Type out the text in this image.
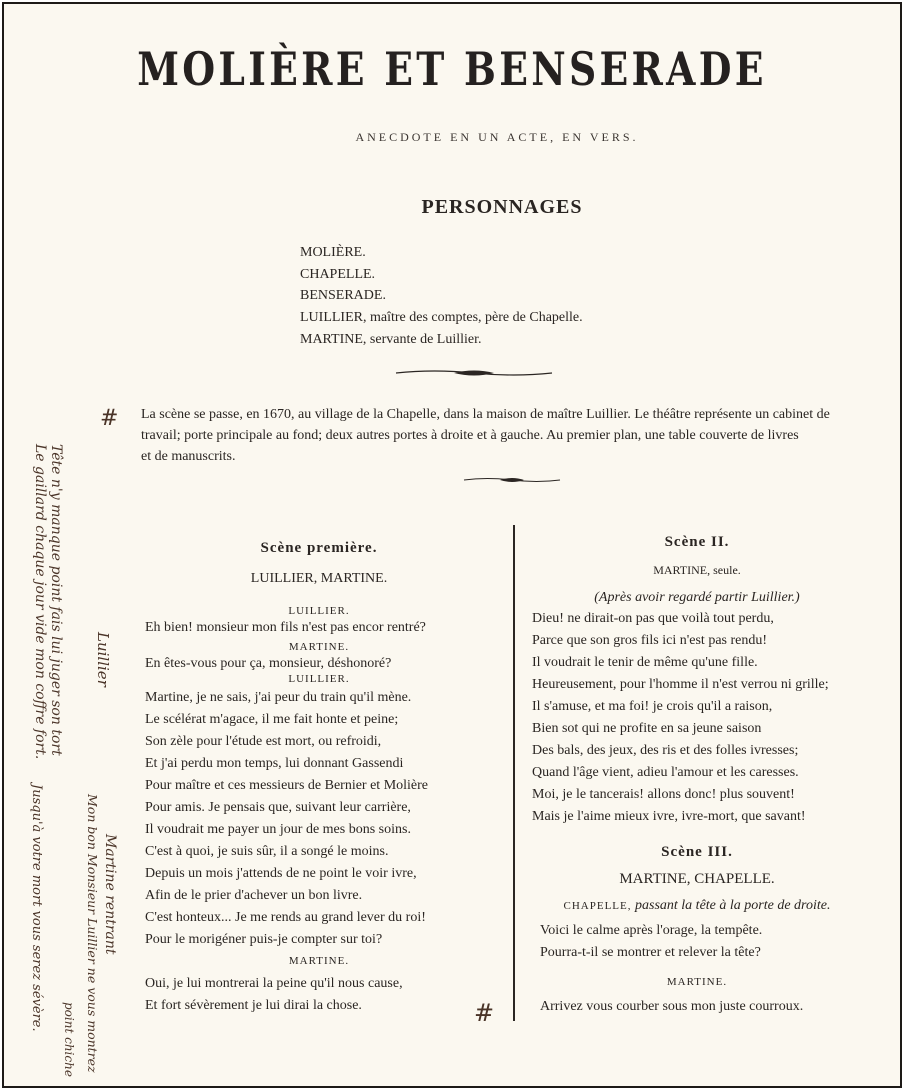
MOLIÈRE ET BENSERADE
ANECDOTE EN UN ACTE, EN VERS.
PERSONNAGES
MOLIÈRE.
CHAPELLE.
BENSERADE.
LUILLIER, maître des comptes, père de Chapelle.
MARTINE, servante de Luillier.
La scène se passe, en 1670, au village de la Chapelle, dans la maison de maître Luillier. Le théâtre représente un cabinet de
travail; porte principale au fond; deux autres portes à droite et à gauche. Au premier plan, une table couverte de livres
et de manuscrits.
Scène première.
LUILLIER, MARTINE.
LUILLIER.
Eh bien! monsieur mon fils n'est pas encor rentré?
MARTINE.
En êtes-vous pour ça, monsieur, déshonoré?
LUILLIER.
Martine, je ne sais, j'ai peur du train qu'il mène.
Le scélérat m'agace, il me fait honte et peine;
Son zèle pour l'étude est mort, ou refroidi,
Et j'ai perdu mon temps, lui donnant Gassendi
Pour maître et ces messieurs de Bernier et Molière
Pour amis. Je pensais que, suivant leur carrière,
Il voudrait me payer un jour de mes bons soins.
C'est à quoi, je suis sûr, il a songé le moins.
Depuis un mois j'attends de ne point le voir ivre,
Afin de le prier d'achever un bon livre.
C'est honteux... Je me rends au grand lever du roi!
Pour le morigéner puis-je compter sur toi?
MARTINE.
Oui, je lui montrerai la peine qu'il nous cause,
Et fort sévèrement je lui dirai la chose.
Scène II.
MARTINE, seule.
(Après avoir regardé partir Luillier.)
Dieu! ne dirait-on pas que voilà tout perdu,
Parce que son gros fils ici n'est pas rendu!
Il voudrait le tenir de même qu'une fille.
Heureusement, pour l'homme il n'est verrou ni grille;
Il s'amuse, et ma foi! je crois qu'il a raison,
Bien sot qui ne profite en sa jeune saison
Des bals, des jeux, des ris et des folles ivresses;
Quand l'âge vient, adieu l'amour et les caresses.
Moi, je le tancerais! allons donc! plus souvent!
Mais je l'aime mieux ivre, ivre-mort, que savant!
Scène III.
MARTINE, CHAPELLE.
CHAPELLE, passant la tête à la porte de droite.
Voici le calme après l'orage, la tempête.
Pourra-t-il se montrer et relever la tête?
MARTINE.
Arrivez vous courber sous mon juste courroux.
#
#
Tête n'y manque point fais lui juger son tort
Le gaillard chaque jour vide mon coffre fort.	Luillier
Martine rentrant
Mon bon Monsieur Luillier ne vous montrez
Jusqu'à votre mort vous serez sévère.
point chiche
